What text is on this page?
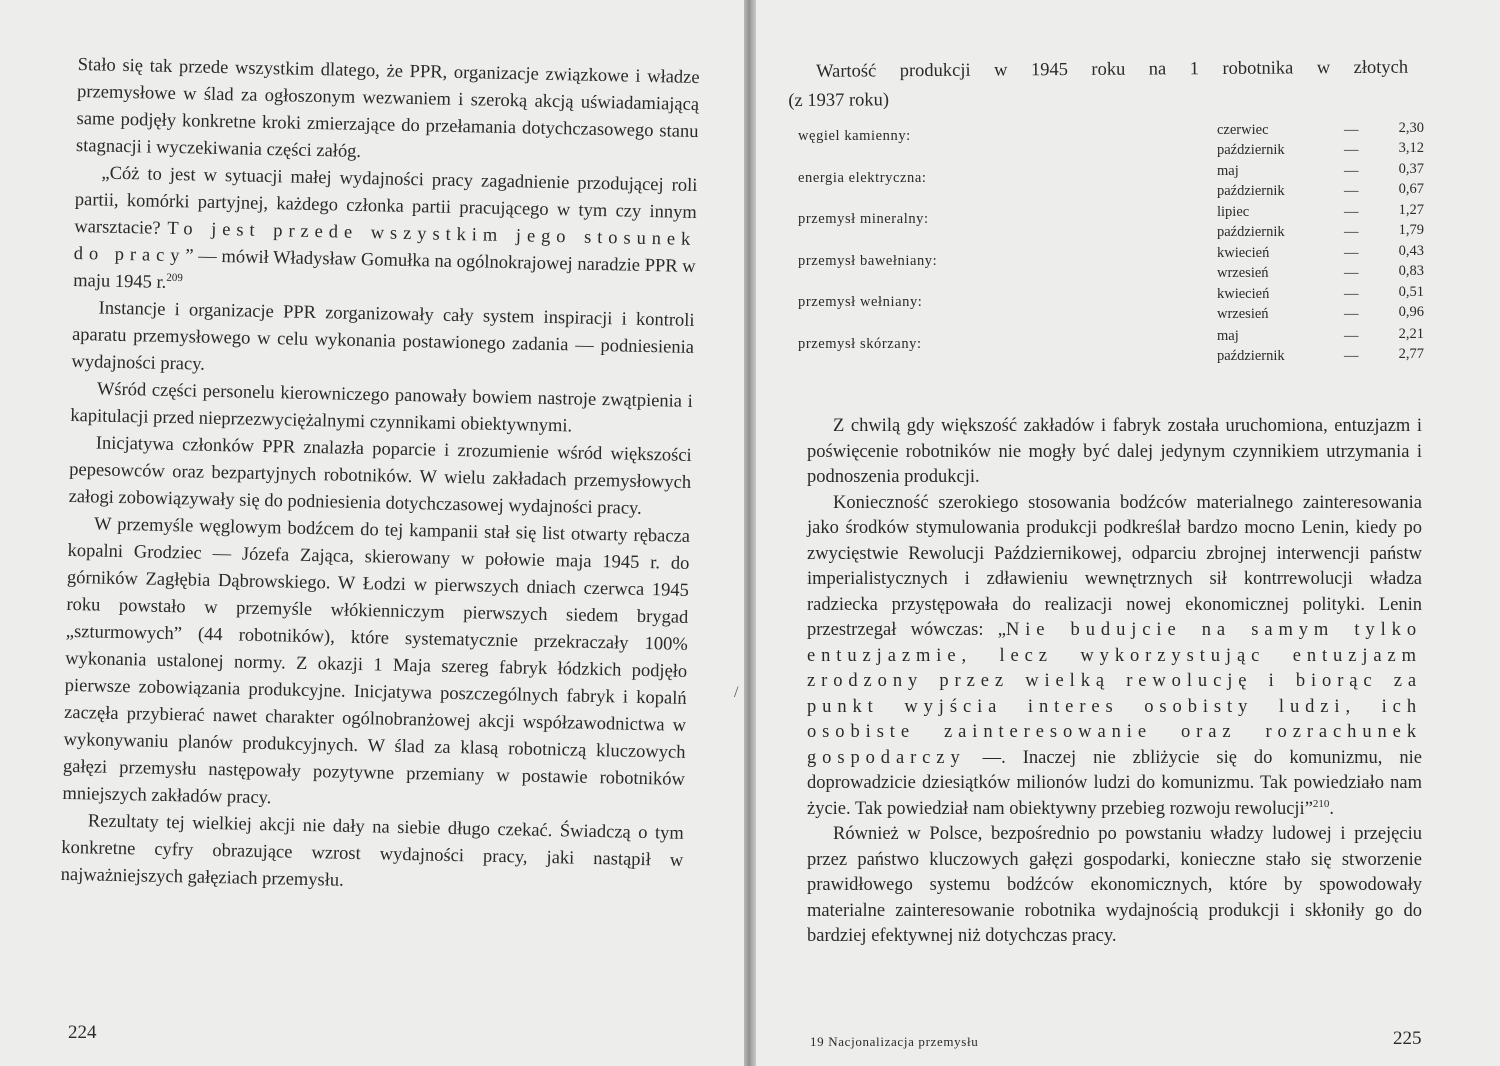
Stało się tak przede wszystkim dlatego, że PPR, organizacje związkowe i władze przemysłowe w ślad za ogłoszonym wezwaniem i szeroką akcją uświadamiającą same podjęły konkretne kroki zmierzające do przełamania dotychczasowego stanu stagnacji i wyczekiwania części załóg.

„Cóż to jest w sytuacji małej wydajności pracy zagadnienie przodującej roli partii, komórki partyjnej, każdego członka partii pracującego w tym czy innym warsztacie? To jest przede wszystkim jego stosunek do pracy” — mówił Władysław Gomułka na ogólnokrajowej naradzie PPR w maju 1945 r.$^{209}$

Instancje i organizacje PPR zorganizowały cały system inspiracji i kontroli aparatu przemysłowego w celu wykonania postawionego zadania — podniesienia wydajności pracy.

Wśród części personelu kierowniczego panowały bowiem nastroje zwątpienia i kapitulacji przed nieprzezwyciężalnymi czynnikami obiektywnymi.

Inicjatywa członków PPR znalazła poparcie i zrozumienie wśród większości pepesowców oraz bezpartyjnych robotników. W wielu zakładach przemysłowych załogi zobowiązywały się do podniesienia dotychczasowej wydajności pracy.

W przemyśle węglowym bodźcem do tej kampanii stał się list otwarty rębacza kopalni Grodziec — Józefa Zająca, skierowany w połowie maja 1945 r. do górników Zagłębia Dąbrowskiego. W Łodzi w pierwszych dniach czerwca 1945 roku powstało w przemyśle włókienniczym pierwszych siedem brygad „szturmowych” (44 robotników), które systematycznie przekraczały 100% wykonania ustalonej normy. Z okazji 1 Maja szereg fabryk łódzkich podjęło pierwsze zobowiązania produkcyjne. Inicjatywa poszczególnych fabryk i kopalń zaczęła przybierać nawet charakter ogólnobranżowej akcji współzawodnictwa w wykonywaniu planów produkcyjnych. W ślad za klasą robotniczą kluczowych gałęzi przemysłu następowały pozytywne przemiany w postawie robotników mniejszych zakładów pracy.

Rezultaty tej wielkiej akcji nie dały na siebie długo czekać. Świadczą o tym konkretne cyfry obrazujące wzrost wydajności pracy, jaki nastąpił w najważniejszych gałęziach przemysłu.

224
/
Wartość produkcji w 1945 roku na 1 robotnika w złotych
(z 1937 roku)
węgiel kamienny:	czerwiec	—	2,30
październik	—	3,12
energia elektryczna:	maj	—	0,37
październik	—	0,67
przemysł mineralny:	lipiec	—	1,27
październik	—	1,79
przemysł bawełniany:	kwiecień	—	0,43
wrzesień	—	0,83
przemysł wełniany:	kwiecień	—	0,51
wrzesień	—	0,96
przemysł skórzany:	maj	—	2,21
październik	—	2,77

Z chwilą gdy większość zakładów i fabryk została uruchomiona, entuzjazm i poświęcenie robotników nie mogły być dalej jedynym czynnikiem utrzymania i podnoszenia produkcji.

Konieczność szerokiego stosowania bodźców materialnego zainteresowania jako środków stymulowania produkcji podkreślał bardzo mocno Lenin, kiedy po zwycięstwie Rewolucji Październikowej, odparciu zbrojnej interwencji państw imperialistycznych i zdławieniu wewnętrznych sił kontrrewolucji władza radziecka przystępowała do realizacji nowej ekonomicznej polityki. Lenin przestrzegał wówczas: „Nie budujcie na samym tylko entuzjazmie, lecz wykorzystując entuzjazm zrodzony przez wielką rewolucję i biorąc za punkt wyjścia interes osobisty ludzi, ich osobiste zainteresowanie oraz rozrachunek gospodarczy —. Inaczej nie zbliżycie się do komunizmu, nie doprowadzicie dziesiątków milionów ludzi do komunizmu. Tak powiedziało nam życie. Tak powiedział nam obiektywny przebieg rozwoju rewolucji”$^{210}$.

Również w Polsce, bezpośrednio po powstaniu władzy ludowej i przejęciu przez państwo kluczowych gałęzi gospodarki, konieczne stało się stworzenie prawidłowego systemu bodźców ekonomicznych, które by spowodowały materialne zainteresowanie robotnika wydajnością produkcji i skłoniły go do bardziej efektywnej niż dotychczas pracy.

19 Nacjonalizacja przemysłu	225
